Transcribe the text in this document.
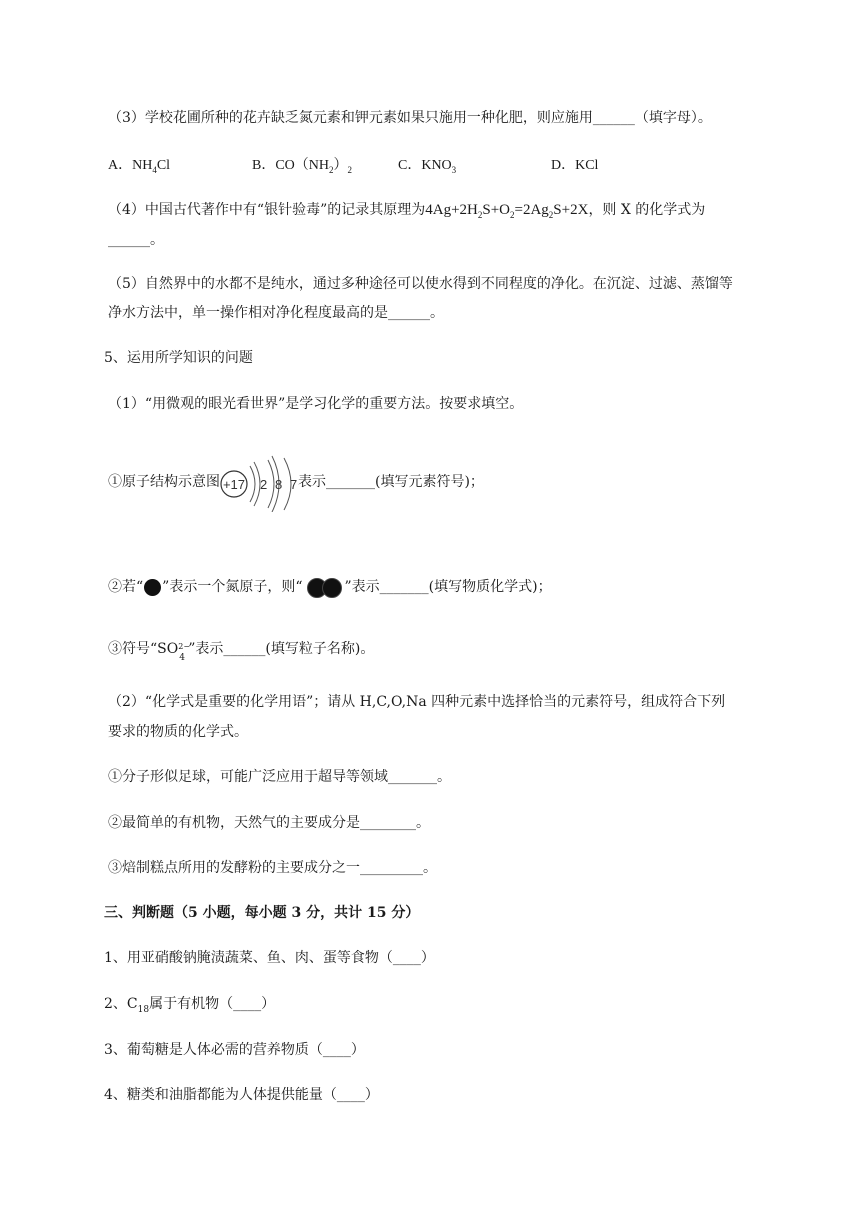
（3）学校花圃所种的花卉缺乏氮元素和钾元素如果只施用一种化肥，则应施用______（填字母）。
A．$NH_4Cl$	B．$CO(NH_2)_2$	C．$KNO_3$	D．KCl
（4）中国古代著作中有“银针验毒”的记录其原理为$4Ag+2H_2S+O_2=2Ag_2S+2X$，则 X 的化学式为
______。
（5）自然界中的水都不是纯水，通过多种途径可以使水得到不同程度的净化。在沉淀、过滤、蒸馏等
净水方法中，单一操作相对净化程度最高的是______。
5、运用所学知识的问题
（1）“用微观的眼光看世界”是学习化学的重要方法。按要求填空。
①原子结构示意图 +17 2 8 7 表示_______(填写元素符号)；
②若“ ”表示一个氮原子，则“	”表示_______(填写物质化学式)；
③符号“SO 2−
4
”表示______(填写粒子名称)。
（2）“化学式是重要的化学用语”；请从 H,C,O,Na 四种元素中选择恰当的元素符号，组成符合下列
要求的物质的化学式。
①分子形似足球，可能广泛应用于超导等领域_______。
②最简单的有机物，天然气的主要成分是________。
③焙制糕点所用的发酵粉的主要成分之一_________。
三、判断题（5 小题，每小题 3 分，共计 15 分）
1、用亚硝酸钠腌渍蔬菜、鱼、肉、蛋等食物（____）
2、$C_{18}$属于有机物（____）
3、葡萄糖是人体必需的营养物质（____）
4、糖类和油脂都能为人体提供能量（____）
